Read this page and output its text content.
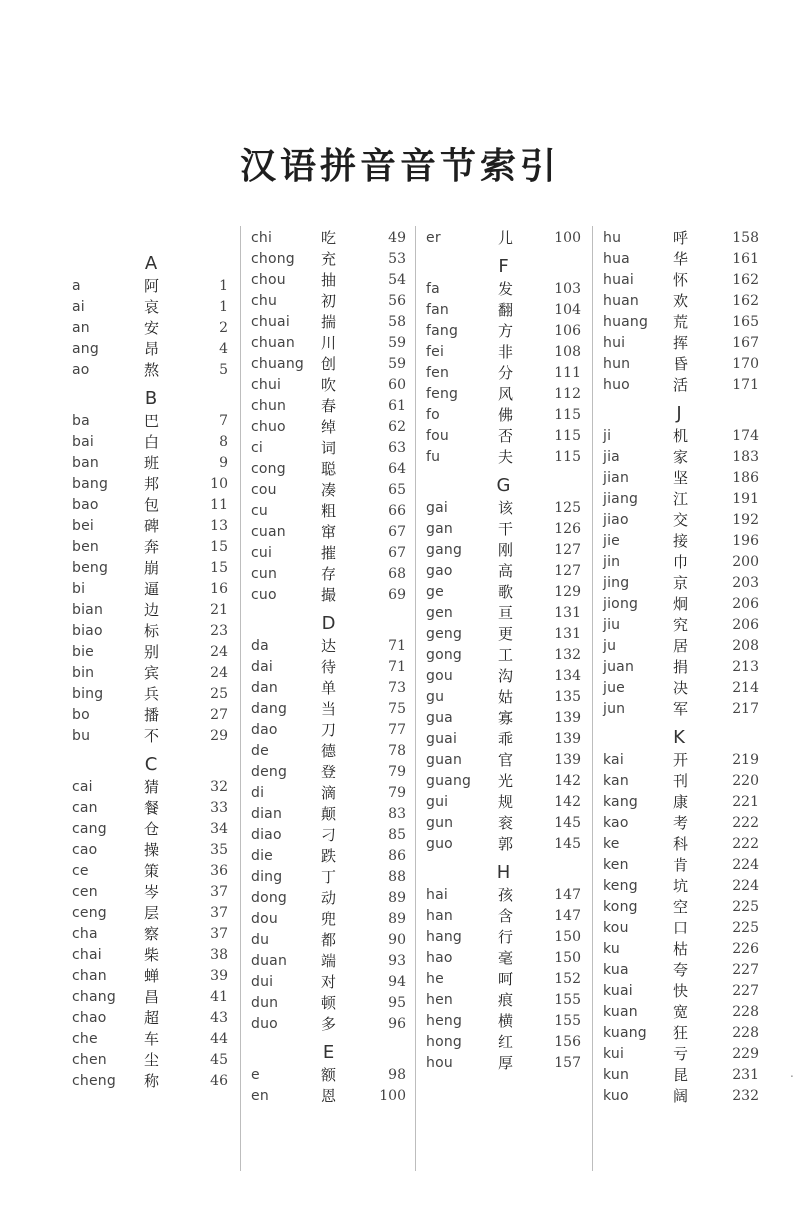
汉语拼音音节索引
A
a	阿	1
ai	哀	1
an	安	2
ang	昂	4
ao	熬	5
B
ba	巴	7
bai	白	8
ban	班	9
bang 邦	10
bao	包	11
bei	碑	13
ben	奔	15
beng 崩	15
bi	逼	16
bian	边	21
biao	标	23
bie	别	24
bin	宾	24
bing	兵	25
bo	播	27
bu	不	29
C
cai	猜	32
can	餐	33
cang 仓	34
cao	操	35
ce	策	36
cen	岑	37
ceng 层	37
cha	察	37
chai	柴	38
chan 蝉	39
chang 昌	41
chao 超	43
che	车	44
chen 尘	45
cheng 称	46
chi	吃	49
chong 充	53
chou 抽	54
chu	初	56
chuai 揣	58
chuan 川	59
chuang 创	59
chui	吹	60
chun 春	61
chuo 绰	62
ci	词	63
cong 聪	64
cou	凑	65
cu	粗	66
cuan 窜	67
cui	摧	67
cun	存	68
cuo	撮	69
D
da	达	71
dai	待	71
dan	单	73
dang 当	75
dao	刀	77
de	德	78
deng 登	79
di	滴	79
dian	颠	83
diao	刁	85
die	跌	86
ding	丁	88
dong 动	89
dou	兜	89
du	都	90
duan 端	93
dui	对	94
dun	顿	95
duo	多	96
E
e	额	98
en	恩	100
er	儿	100
F
fa	发	103
fan	翻	104
fang	方	106
fei	非	108
fen	分	111
feng	风	112
fo	佛	115
fou	否	115
fu	夫	115
G
gai	该	125
gan	干	126
gang 刚	127
gao	高	127
ge	歌	129
gen	亘	131
geng 更	131
gong 工	132
gou	沟	134
gu	姑	135
gua	寡	139
guai	乖	139
guan 官	139
guang 光	142
gui	规	142
gun	衮	145
guo	郭	145
H
hai	孩	147
han	含	147
hang 行	150
hao	毫	150
he	呵	152
hen	痕	155
heng 横	155
hong 红	156
hou	厚	157
hu	呼	158
hua	华	161
huai	怀	162
huan 欢	162
huang 荒	165
hui	挥	167
hun	昏	170
huo	活	171
J
ji	机	174
jia	家	183
jian	坚	186
jiang 江	191
jiao	交	192
jie	接	196
jin	巾	200
jing	京	203
jiong 炯	206
jiu	究	206
ju	居	208
juan	捐	213
jue	决	214
jun	军	217
K
kai	开	219
kan	刊	220
kang 康	221
kao	考	222
ke	科	222
ken	肯	224
keng 坑	224
kong 空	225
kou	口	225
ku	枯	226
kua	夸	227
kuai	快	227
kuan 宽	228
kuang 狂	228
kui	亏	229
kun	昆	231
kuo	阔	232
.
